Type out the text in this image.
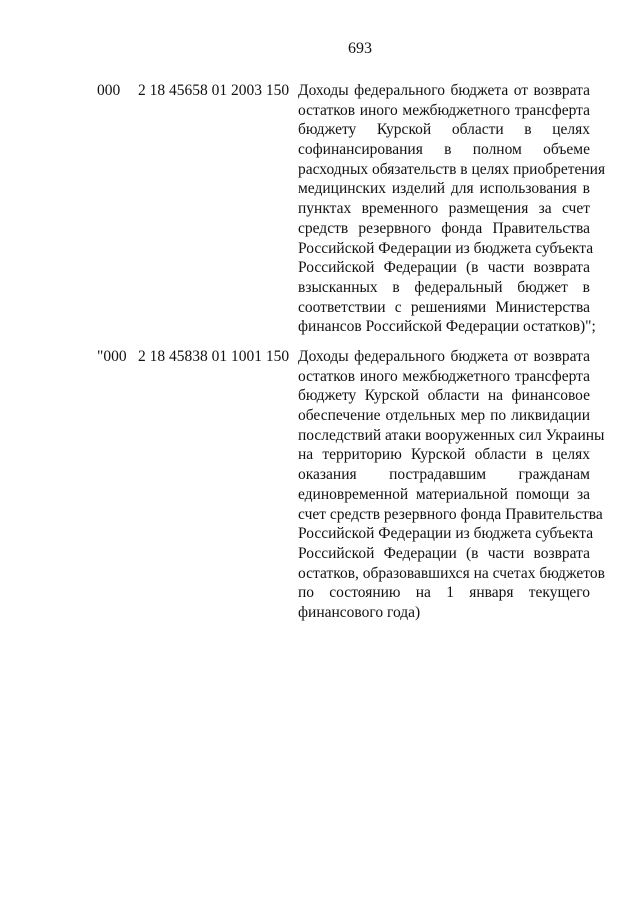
693
000 2 18 45658 01 2003 150 Доходы федерального бюджета от возврата
остатков иного межбюджетного трансферта
бюджету Курской области в целях
софинансирования в полном объеме
расходных обязательств в целях приобретения
медицинских изделий для использования в
пунктах временного размещения за счет
средств резервного фонда Правительства
Российской Федерации из бюджета субъекта
Российской Федерации (в части возврата
взысканных в федеральный бюджет в
соответствии с решениями Министерства
финансов Российской Федерации остатков)";
"000 2 18 45838 01 1001 150 Доходы федерального бюджета от возврата
остатков иного межбюджетного трансферта
бюджету Курской области на финансовое
обеспечение отдельных мер по ликвидации
последствий атаки вооруженных сил Украины
на территорию Курской области в целях
оказания пострадавшим гражданам
единовременной материальной помощи за
счет средств резервного фонда Правительства
Российской Федерации из бюджета субъекта
Российской Федерации (в части возврата
остатков, образовавшихся на счетах бюджетов
по состоянию на 1 января текущего
финансового года)
